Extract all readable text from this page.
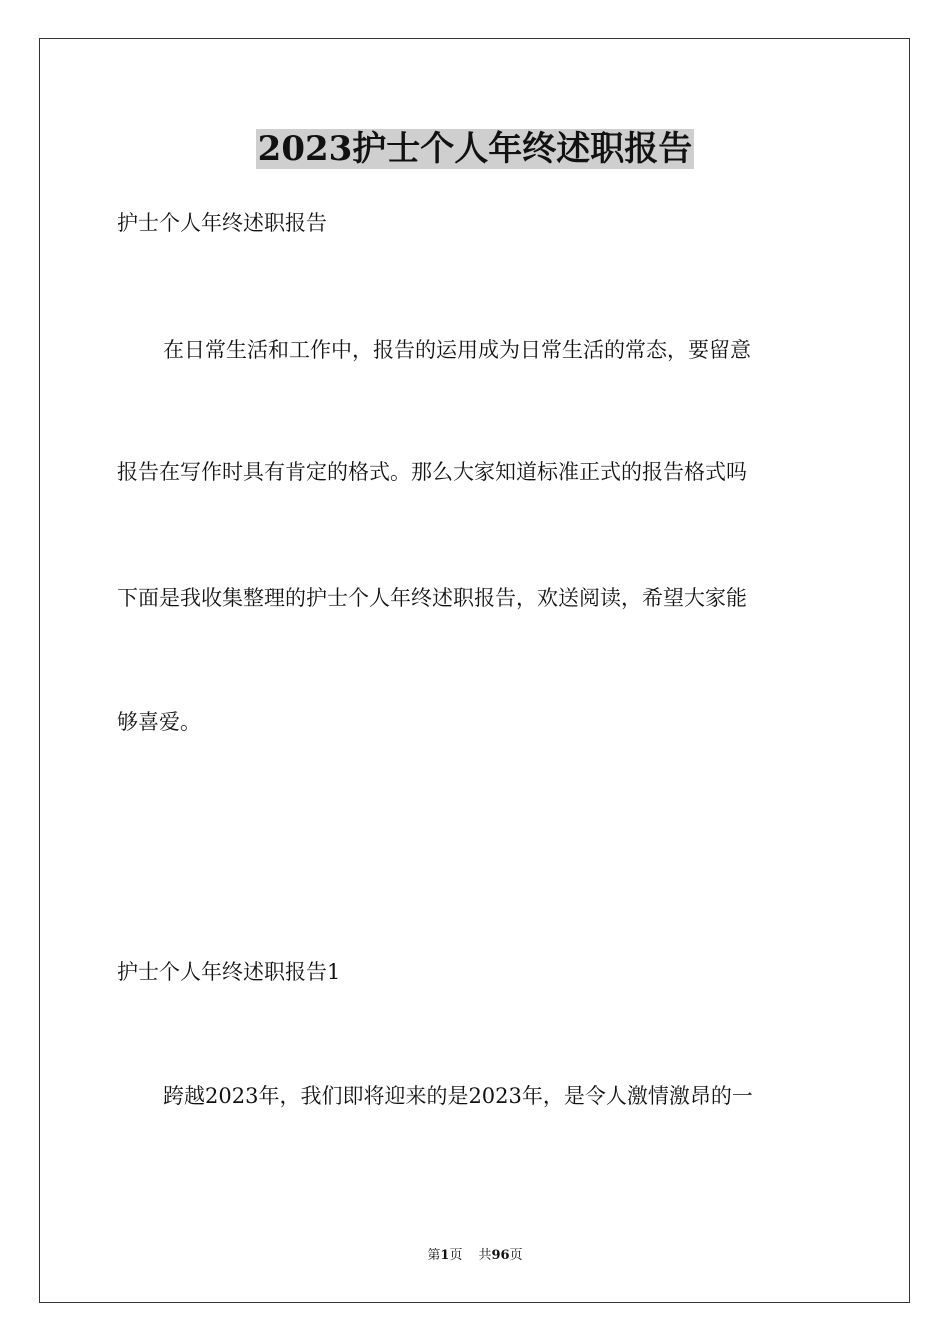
2023护士个人年终述职报告

护士个人年终述职报告

在日常生活和工作中，报告的运用成为日常生活的常态，要留意

报告在写作时具有肯定的格式。那么大家知道标准正式的报告格式吗

下面是我收集整理的护士个人年终述职报告，欢送阅读，希望大家能

够喜爱。

护士个人年终述职报告1

跨越2023年，我们即将迎来的是2023年，是令人激情激昂的一

第1页 共96页
